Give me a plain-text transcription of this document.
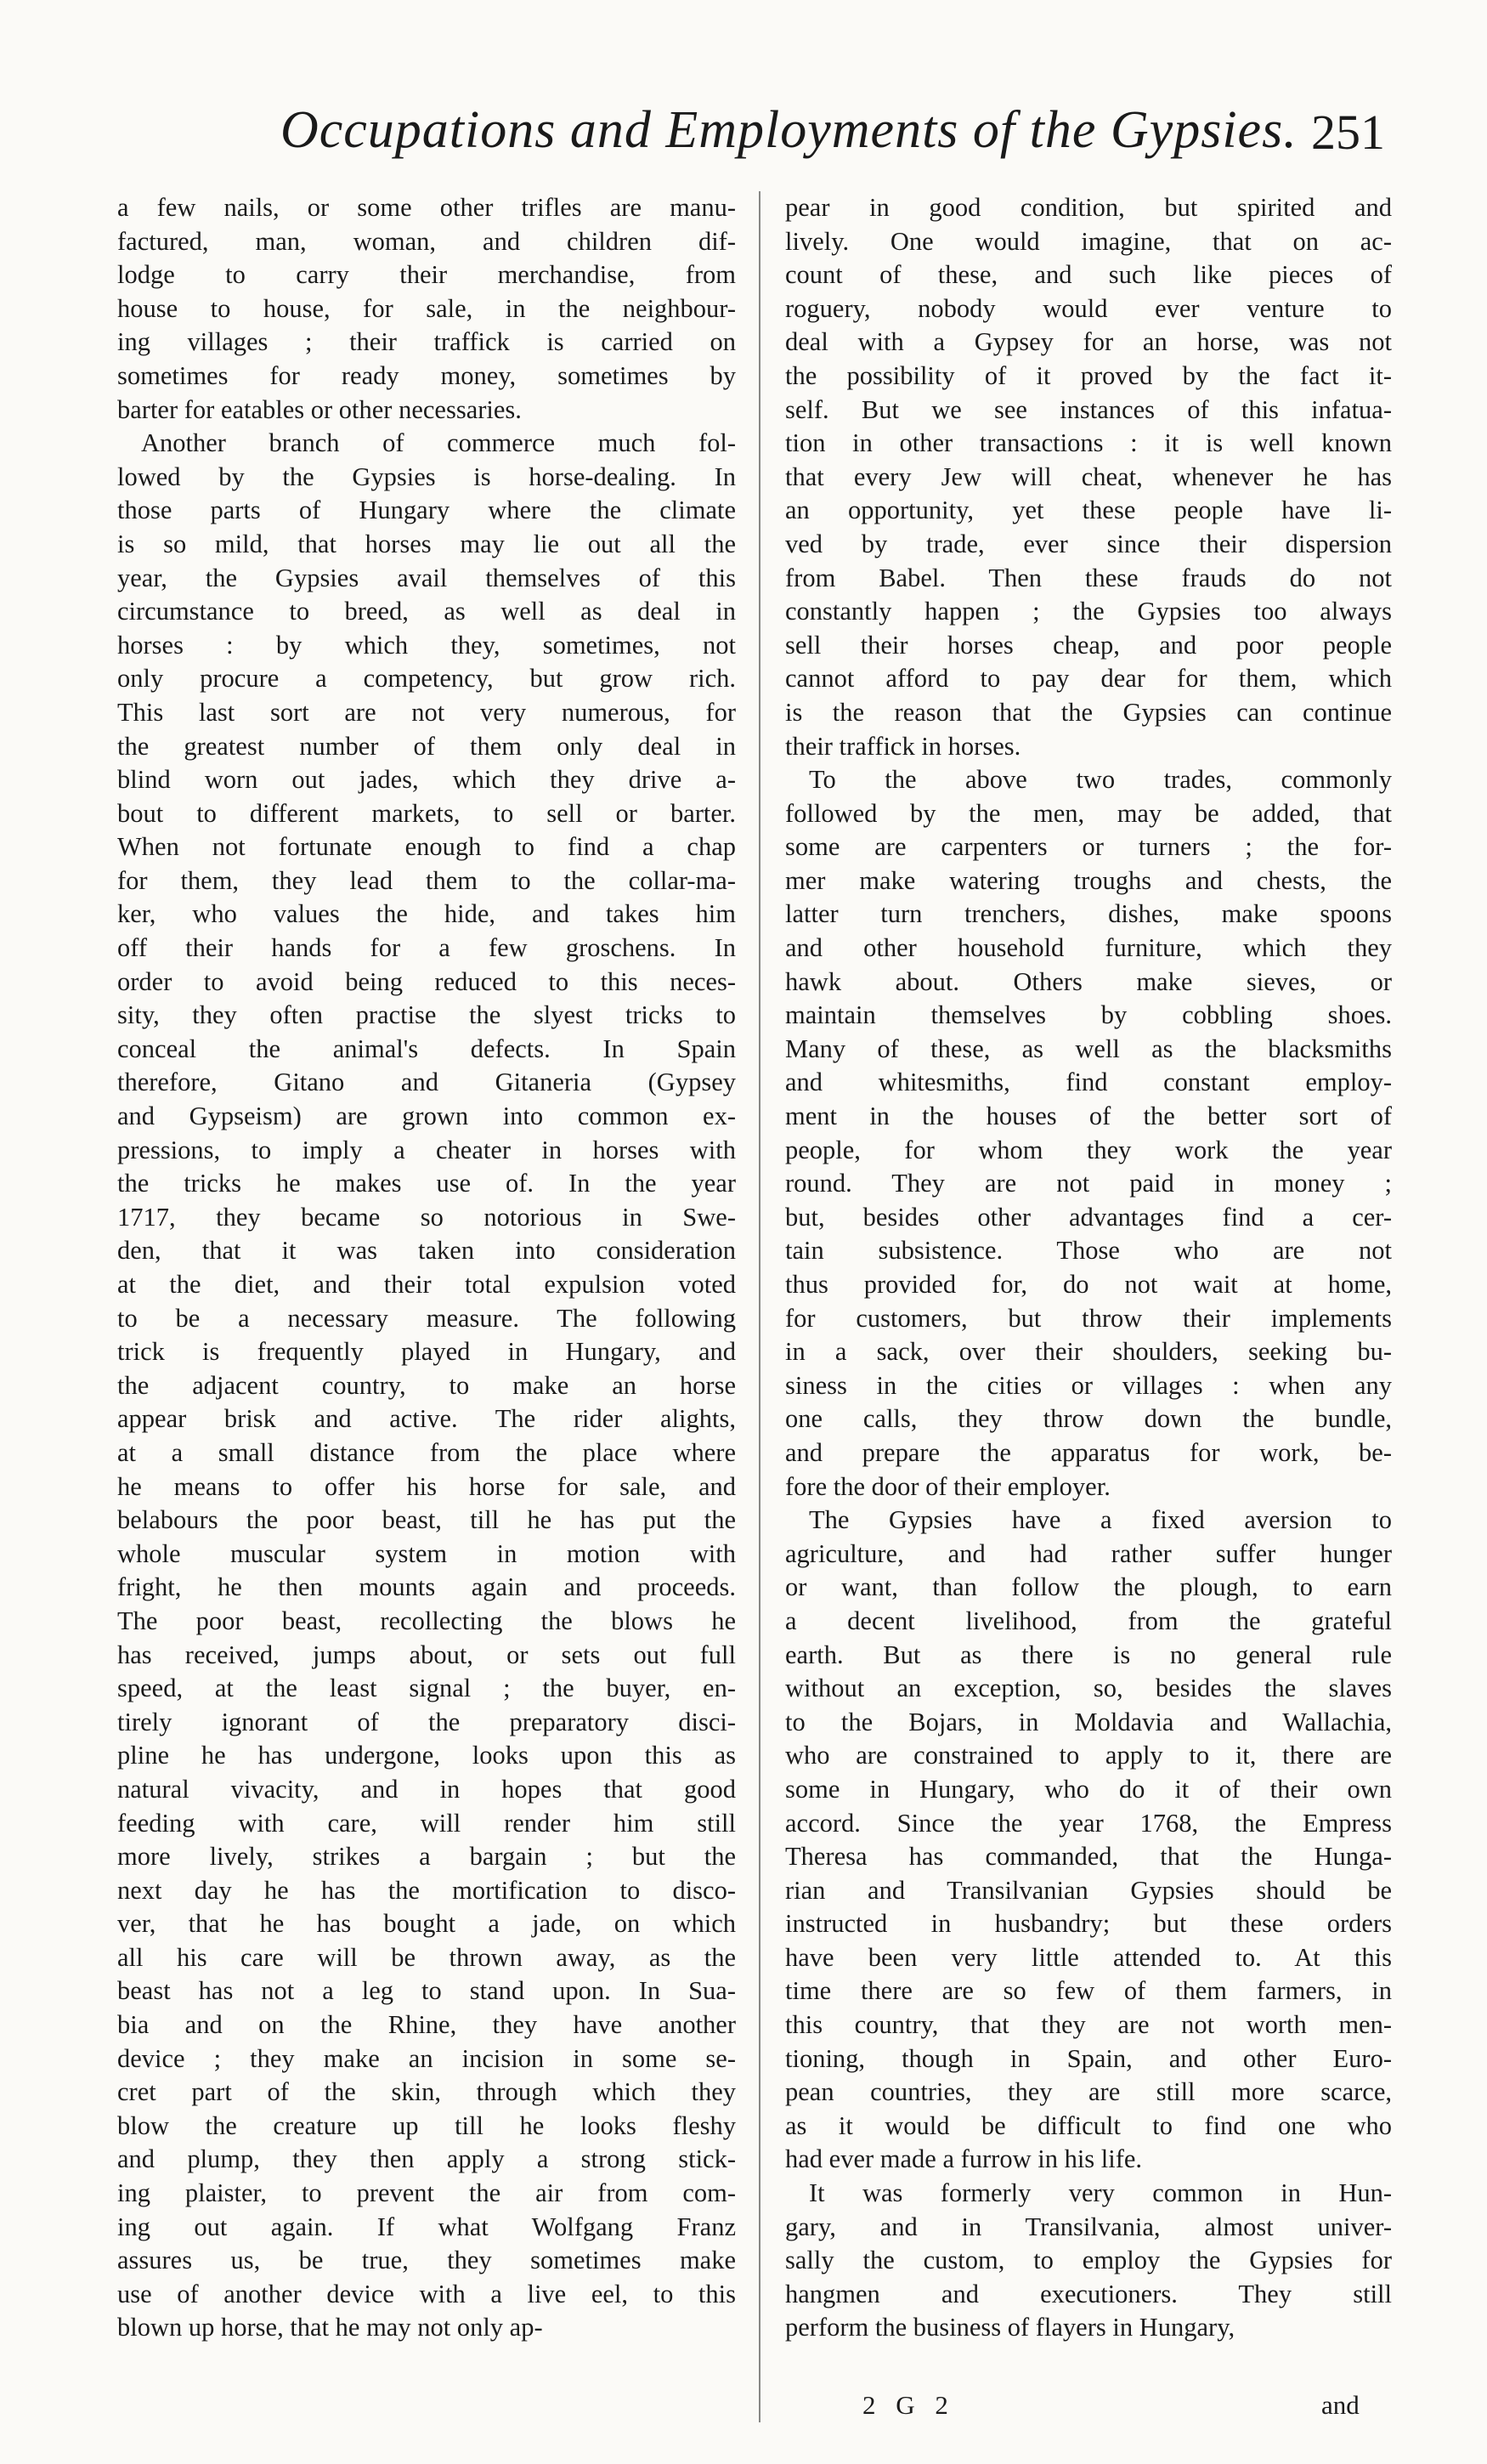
Occupations and Employments of the Gypsies. 251
a few nails, or some other trifles are manu-
factured, man, woman, and children dif-
lodge to carry their merchandise, from
house to house, for sale, in the neighbour-
ing villages ; their traffick is carried on
sometimes for ready money, sometimes by
barter for eatables or other necessaries.
Another branch of commerce much fol-
lowed by the Gypsies is horse-dealing. In
those parts of Hungary where the climate
is so mild, that horses may lie out all the
year, the Gypsies avail themselves of this
circumstance to breed, as well as deal in
horses : by which they, sometimes, not
only procure a competency, but grow rich.
This last sort are not very numerous, for
the greatest number of them only deal in
blind worn out jades, which they drive a-
bout to different markets, to sell or barter.
When not fortunate enough to find a chap
for them, they lead them to the collar-ma-
ker, who values the hide, and takes him
off their hands for a few groschens. In
order to avoid being reduced to this neces-
sity, they often practise the slyest tricks to
conceal the animal's defects. In Spain
therefore, Gitano and Gitaneria (Gypsey
and Gypseism) are grown into common ex-
pressions, to imply a cheater in horses with
the tricks he makes use of. In the year
1717, they became so notorious in Swe-
den, that it was taken into consideration
at the diet, and their total expulsion voted
to be a necessary measure. The following
trick is frequently played in Hungary, and
the adjacent country, to make an horse
appear brisk and active. The rider alights,
at a small distance from the place where
he means to offer his horse for sale, and
belabours the poor beast, till he has put the
whole muscular system in motion with
fright, he then mounts again and proceeds.
The poor beast, recollecting the blows he
has received, jumps about, or sets out full
speed, at the least signal ; the buyer, en-
tirely ignorant of the preparatory disci-
pline he has undergone, looks upon this as
natural vivacity, and in hopes that good
feeding with care, will render him still
more lively, strikes a bargain ; but the
next day he has the mortification to disco-
ver, that he has bought a jade, on which
all his care will be thrown away, as the
beast has not a leg to stand upon. In Sua-
bia and on the Rhine, they have another
device ; they make an incision in some se-
cret part of the skin, through which they
blow the creature up till he looks fleshy
and plump, they then apply a strong stick-
ing plaister, to prevent the air from com-
ing out again. If what Wolfgang Franz
assures us, be true, they sometimes make
use of another device with a live eel, to this
blown up horse, that he may not only ap-
pear in good condition, but spirited and
lively. One would imagine, that on ac-
count of these, and such like pieces of
roguery, nobody would ever venture to
deal with a Gypsey for an horse, was not
the possibility of it proved by the fact it-
self. But we see instances of this infatua-
tion in other transactions : it is well known
that every Jew will cheat, whenever he has
an opportunity, yet these people have li-
ved by trade, ever since their dispersion
from Babel. Then these frauds do not
constantly happen ; the Gypsies too always
sell their horses cheap, and poor people
cannot afford to pay dear for them, which
is the reason that the Gypsies can continue
their traffick in horses.
To the above two trades, commonly
followed by the men, may be added, that
some are carpenters or turners ; the for-
mer make watering troughs and chests, the
latter turn trenchers, dishes, make spoons
and other household furniture, which they
hawk about. Others make sieves, or
maintain themselves by cobbling shoes.
Many of these, as well as the blacksmiths
and whitesmiths, find constant employ-
ment in the houses of the better sort of
people, for whom they work the year
round. They are not paid in money ;
but, besides other advantages find a cer-
tain subsistence. Those who are not
thus provided for, do not wait at home,
for customers, but throw their implements
in a sack, over their shoulders, seeking bu-
siness in the cities or villages : when any
one calls, they throw down the bundle,
and prepare the apparatus for work, be-
fore the door of their employer.
The Gypsies have a fixed aversion to
agriculture, and had rather suffer hunger
or want, than follow the plough, to earn
a decent livelihood, from the grateful
earth. But as there is no general rule
without an exception, so, besides the slaves
to the Bojars, in Moldavia and Wallachia,
who are constrained to apply to it, there are
some in Hungary, who do it of their own
accord. Since the year 1768, the Empress
Theresa has commanded, that the Hunga-
rian and Transilvanian Gypsies should be
instructed in husbandry; but these orders
have been very little attended to. At this
time there are so few of them farmers, in
this country, that they are not worth men-
tioning, though in Spain, and other Euro-
pean countries, they are still more scarce,
as it would be difficult to find one who
had ever made a furrow in his life.
It was formerly very common in Hun-
gary, and in Transilvania, almost univer-
sally the custom, to employ the Gypsies for
hangmen and executioners. They still
perform the business of flayers in Hungary,
2 G 2	and
